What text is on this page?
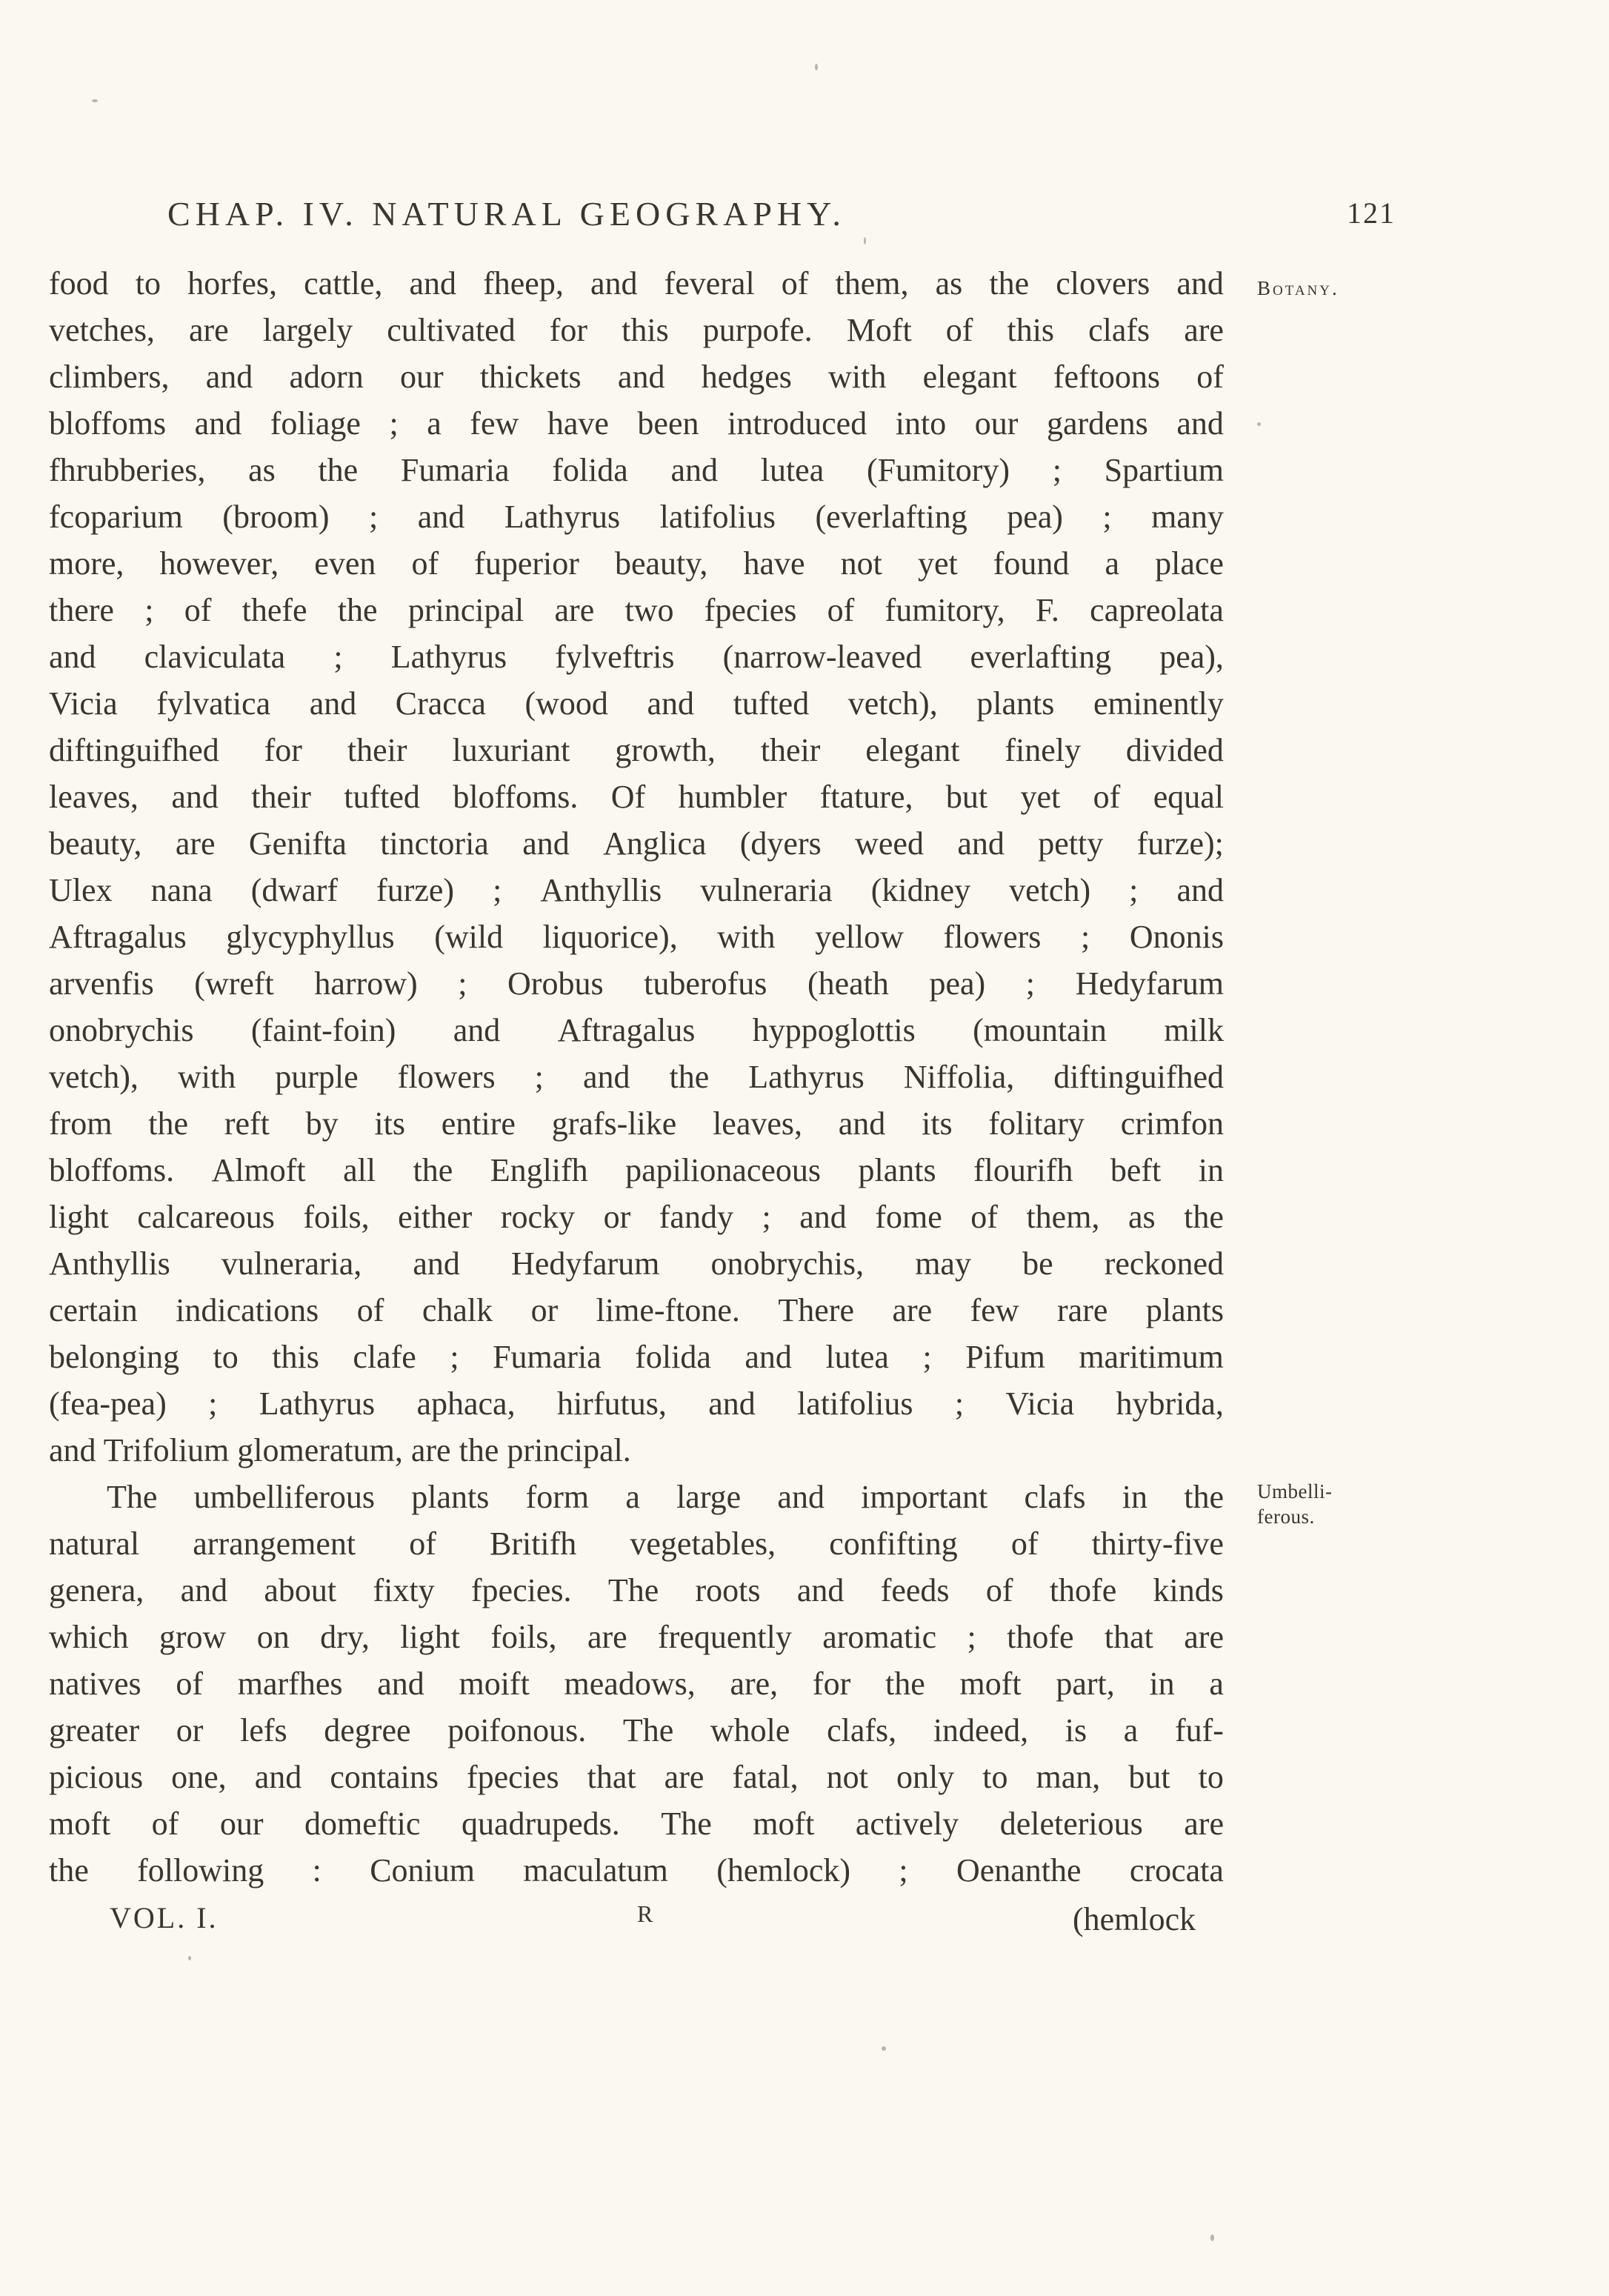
CHAP. IV. NATURAL GEOGRAPHY.	121
Botany.
Umbelli-
ferous.
food to horfes, cattle, and fheep, and feveral of them, as the clovers and
vetches, are largely cultivated for this purpofe. Moft of this clafs are
climbers, and adorn our thickets and hedges with elegant feftoons of
bloffoms and foliage ; a few have been introduced into our gardens and
fhrubberies, as the Fumaria folida and lutea (Fumitory) ; Spartium
fcoparium (broom) ; and Lathyrus latifolius (everlafting pea) ; many
more, however, even of fuperior beauty, have not yet found a place
there ; of thefe the principal are two fpecies of fumitory, F. capreolata
and claviculata ; Lathyrus fylveftris (narrow-leaved everlafting pea),
Vicia fylvatica and Cracca (wood and tufted vetch), plants eminently
diftinguifhed for their luxuriant growth, their elegant finely divided
leaves, and their tufted bloffoms. Of humbler ftature, but yet of equal
beauty, are Genifta tinctoria and Anglica (dyers weed and petty furze);
Ulex nana (dwarf furze) ; Anthyllis vulneraria (kidney vetch) ; and
Aftragalus glycyphyllus (wild liquorice), with yellow flowers ; Ononis
arvenfis (wreft harrow) ; Orobus tuberofus (heath pea) ; Hedyfarum
onobrychis (faint-foin) and Aftragalus hyppoglottis (mountain milk
vetch), with purple flowers ; and the Lathyrus Niffolia, diftinguifhed
from the reft by its entire grafs-like leaves, and its folitary crimfon
bloffoms. Almoft all the Englifh papilionaceous plants flourifh beft in
light calcareous foils, either rocky or fandy ; and fome of them, as the
Anthyllis vulneraria, and Hedyfarum onobrychis, may be reckoned
certain indications of chalk or lime-ftone. There are few rare plants
belonging to this clafe ; Fumaria folida and lutea ; Pifum maritimum
(fea-pea) ; Lathyrus aphaca, hirfutus, and latifolius ; Vicia hybrida,
and Trifolium glomeratum, are the principal.
The umbelliferous plants form a large and important clafs in the
natural arrangement of Britifh vegetables, confifting of thirty-five
genera, and about fixty fpecies. The roots and feeds of thofe kinds
which grow on dry, light foils, are frequently aromatic ; thofe that are
natives of marfhes and moift meadows, are, for the moft part, in a
greater or lefs degree poifonous. The whole clafs, indeed, is a fuf-
picious one, and contains fpecies that are fatal, not only to man, but to
moft of our domeftic quadrupeds. The moft actively deleterious are
the following : Conium maculatum (hemlock) ; Oenanthe crocata
VOL. I.	R	(hemlock
